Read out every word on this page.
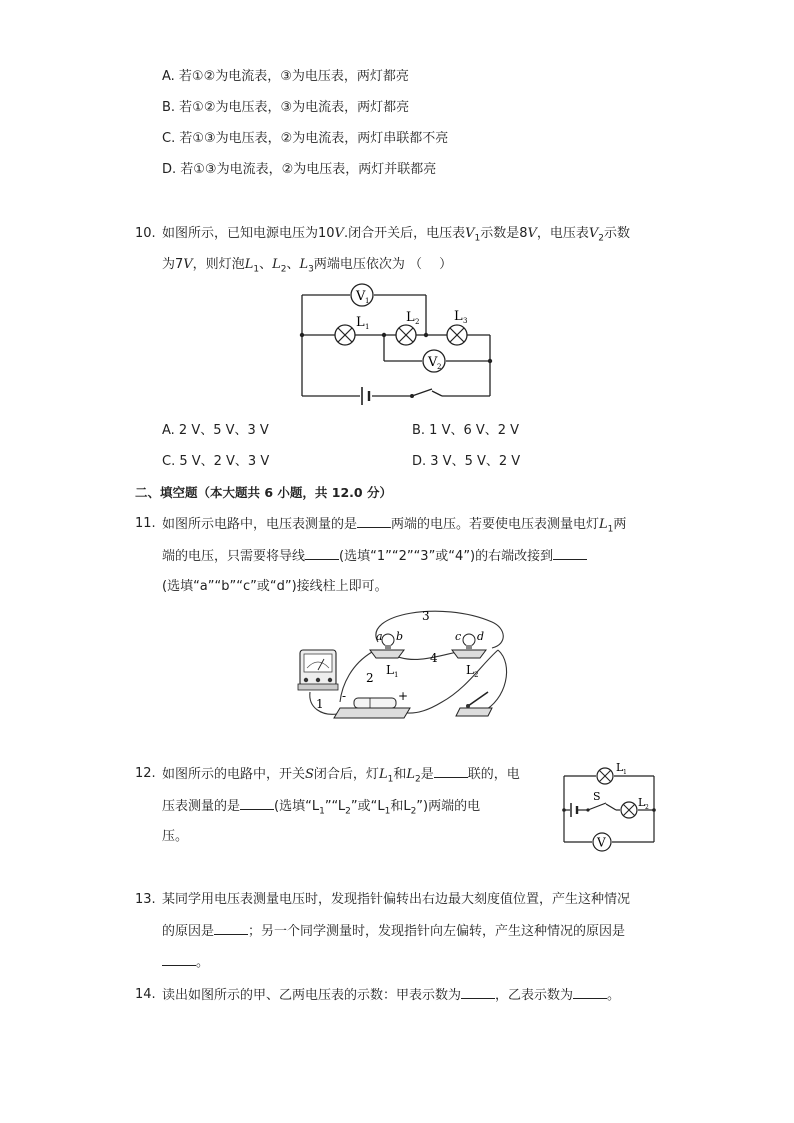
A. 若①②为电流表，③为电压表，两灯都亮
B. 若①②为电压表，③为电流表，两灯都亮
C. 若①③为电压表，②为电流表，两灯串联都不亮
D. 若①③为电流表，②为电压表，两灯并联都亮
10. 如图所示，已知电源电压为10V.闭合开关后，电压表$V_1$示数是8V，电压表$V_2$示数
为7V，则灯泡$L_1$、$L_2$、$L_3$两端电压依次为 （　 ）
V 1
V 2
L 1
L 2	L 3
A. 2 V、5 V、3 V	B. 1 V、6 V、2 V
C. 5 V、2 V、3 V	D. 3 V、5 V、2 V
二、填空题（本大题共 6 小题，共 12.0 分）
11. 如图所示电路中，电压表测量的是	两端的电压。若要使电压表测量电灯$L_1$两
端的电压，只需要将导线	(选填“1”“2”“3”或“4”)的右端改接到
(选填“a”“b”“c”或“d”)接线柱上即可。
a b
L 1
c d
L 2
-	+
3
4
2
1
12. 如图所示的电路中，开关S闭合后，灯$L_1$和$L_2$是	联的，电
压表测量的是	(选填“$L_1”“L_2$”或“$L_1$和$L_2$”)两端的电
压。
L 1
S	L 2
V
13. 某同学用电压表测量电压时，发现指针偏转出右边最大刻度值位置，产生这种情况
的原因是	；另一个同学测量时，发现指针向左偏转，产生这种情况的原因是
。
14. 读出如图所示的甲、乙两电压表的示数：甲表示数为	，乙表示数为	。
